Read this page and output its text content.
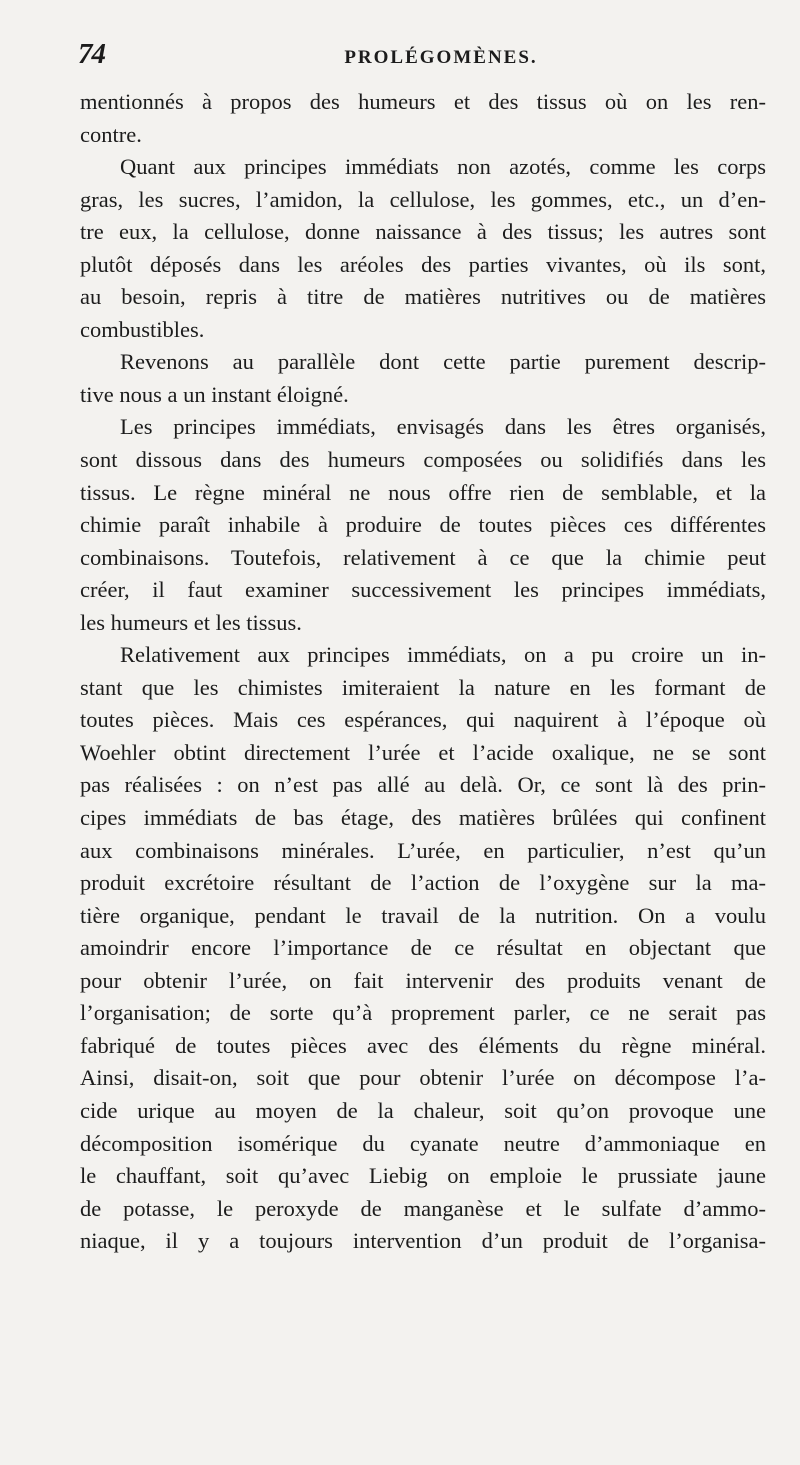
74	PROLÉGOMÈNES.
mentionnés à propos des humeurs et des tissus où on les ren-
contre.
Quant aux principes immédiats non azotés, comme les corps
gras, les sucres, l’amidon, la cellulose, les gommes, etc., un d’en-
tre eux, la cellulose, donne naissance à des tissus; les autres sont
plutôt déposés dans les aréoles des parties vivantes, où ils sont,
au besoin, repris à titre de matières nutritives ou de matières
combustibles.
Revenons au parallèle dont cette partie purement descrip-
tive nous a un instant éloigné.
Les principes immédiats, envisagés dans les êtres organisés,
sont dissous dans des humeurs composées ou solidifiés dans les
tissus. Le règne minéral ne nous offre rien de semblable, et la
chimie paraît inhabile à produire de toutes pièces ces différentes
combinaisons. Toutefois, relativement à ce que la chimie peut
créer, il faut examiner successivement les principes immédiats,
les humeurs et les tissus.
Relativement aux principes immédiats, on a pu croire un in-
stant que les chimistes imiteraient la nature en les formant de
toutes pièces. Mais ces espérances, qui naquirent à l’époque où
Woehler obtint directement l’urée et l’acide oxalique, ne se sont
pas réalisées : on n’est pas allé au delà. Or, ce sont là des prin-
cipes immédiats de bas étage, des matières brûlées qui confinent
aux combinaisons minérales. L’urée, en particulier, n’est qu’un
produit excrétoire résultant de l’action de l’oxygène sur la ma-
tière organique, pendant le travail de la nutrition. On a voulu
amoindrir encore l’importance de ce résultat en objectant que
pour obtenir l’urée, on fait intervenir des produits venant de
l’organisation; de sorte qu’à proprement parler, ce ne serait pas
fabriqué de toutes pièces avec des éléments du règne minéral.
Ainsi, disait-on, soit que pour obtenir l’urée on décompose l’a-
cide urique au moyen de la chaleur, soit qu’on provoque une
décomposition isomérique du cyanate neutre d’ammoniaque en
le chauffant, soit qu’avec Liebig on emploie le prussiate jaune
de potasse, le peroxyde de manganèse et le sulfate d’ammo-
niaque, il y a toujours intervention d’un produit de l’organisa-
